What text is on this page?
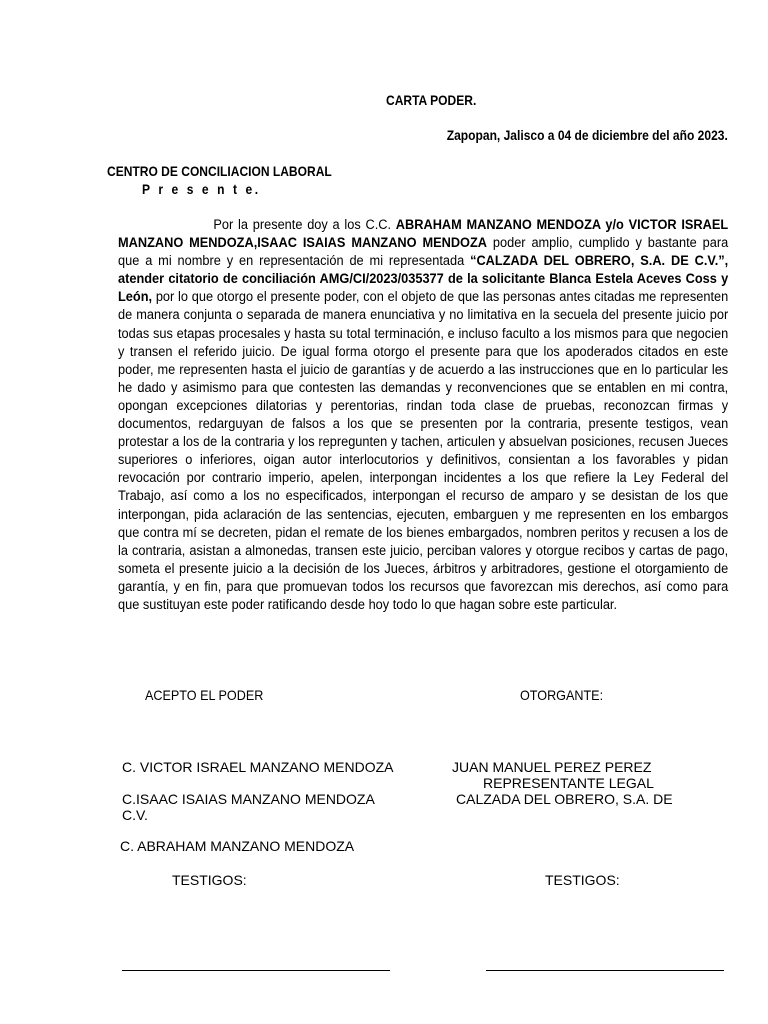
CARTA PODER.
Zapopan, Jalisco a 04 de diciembre del año 2023.
CENTRO DE CONCILIACION LABORAL
P r e s e n t e.
Por la presente doy a los C.C. ABRAHAM MANZANO MENDOZA y/o VICTOR ISRAEL MANZANO MENDOZA,ISAAC ISAIAS MANZANO MENDOZA poder amplio, cumplido y bastante para que a mi nombre y en representación de mi representada “CALZADA DEL OBRERO, S.A. DE C.V.”, atender citatorio de conciliación AMG/CI/2023/035377 de la solicitante Blanca Estela Aceves Coss y León, por lo que otorgo el presente poder, con el objeto de que las personas antes citadas me representen de manera conjunta o separada de manera enunciativa y no limitativa en la secuela del presente juicio por todas sus etapas procesales y hasta su total terminación, e incluso faculto a los mismos para que negocien y transen el referido juicio. De igual forma otorgo el presente para que los apoderados citados en este poder, me representen hasta el juicio de garantías y de acuerdo a las instrucciones que en lo particular les he dado y asimismo para que contesten las demandas y reconvenciones que se entablen en mi contra, opongan excepciones dilatorias y perentorias, rindan toda clase de pruebas, reconozcan firmas y documentos, redarguyan de falsos a los que se presenten por la contraria, presente testigos, vean protestar a los de la contraria y los repregunten y tachen, articulen y absuelvan posiciones, recusen Jueces superiores o inferiores, oigan autor interlocutorios y definitivos, consientan a los favorables y pidan revocación por contrario imperio, apelen, interpongan incidentes a los que refiere la Ley Federal del Trabajo, así como a los no especificados, interpongan el recurso de amparo y se desistan de los que interpongan, pida aclaración de las sentencias, ejecuten, embarguen y me representen en los embargos que contra mí se decreten, pidan el remate de los bienes embargados, nombren peritos y recusen a los de la contraria, asistan a almonedas, transen este juicio, perciban valores y otorgue recibos y cartas de pago, someta el presente juicio a la decisión de los Jueces, árbitros y arbitradores, gestione el otorgamiento de garantía, y en fin, para que promuevan todos los recursos que favorezcan mis derechos, así como para que sustituyan este poder ratificando desde hoy todo lo que hagan sobre este particular.
ACEPTO EL PODER	OTORGANTE:
C. VICTOR ISRAEL MANZANO MENDOZA	JUAN MANUEL PEREZ PEREZ
REPRESENTANTE LEGAL
C.ISAAC ISAIAS MANZANO MENDOZA	CALZADA DEL OBRERO, S.A. DE
C.V.
C. ABRAHAM MANZANO MENDOZA
TESTIGOS:	TESTIGOS:
